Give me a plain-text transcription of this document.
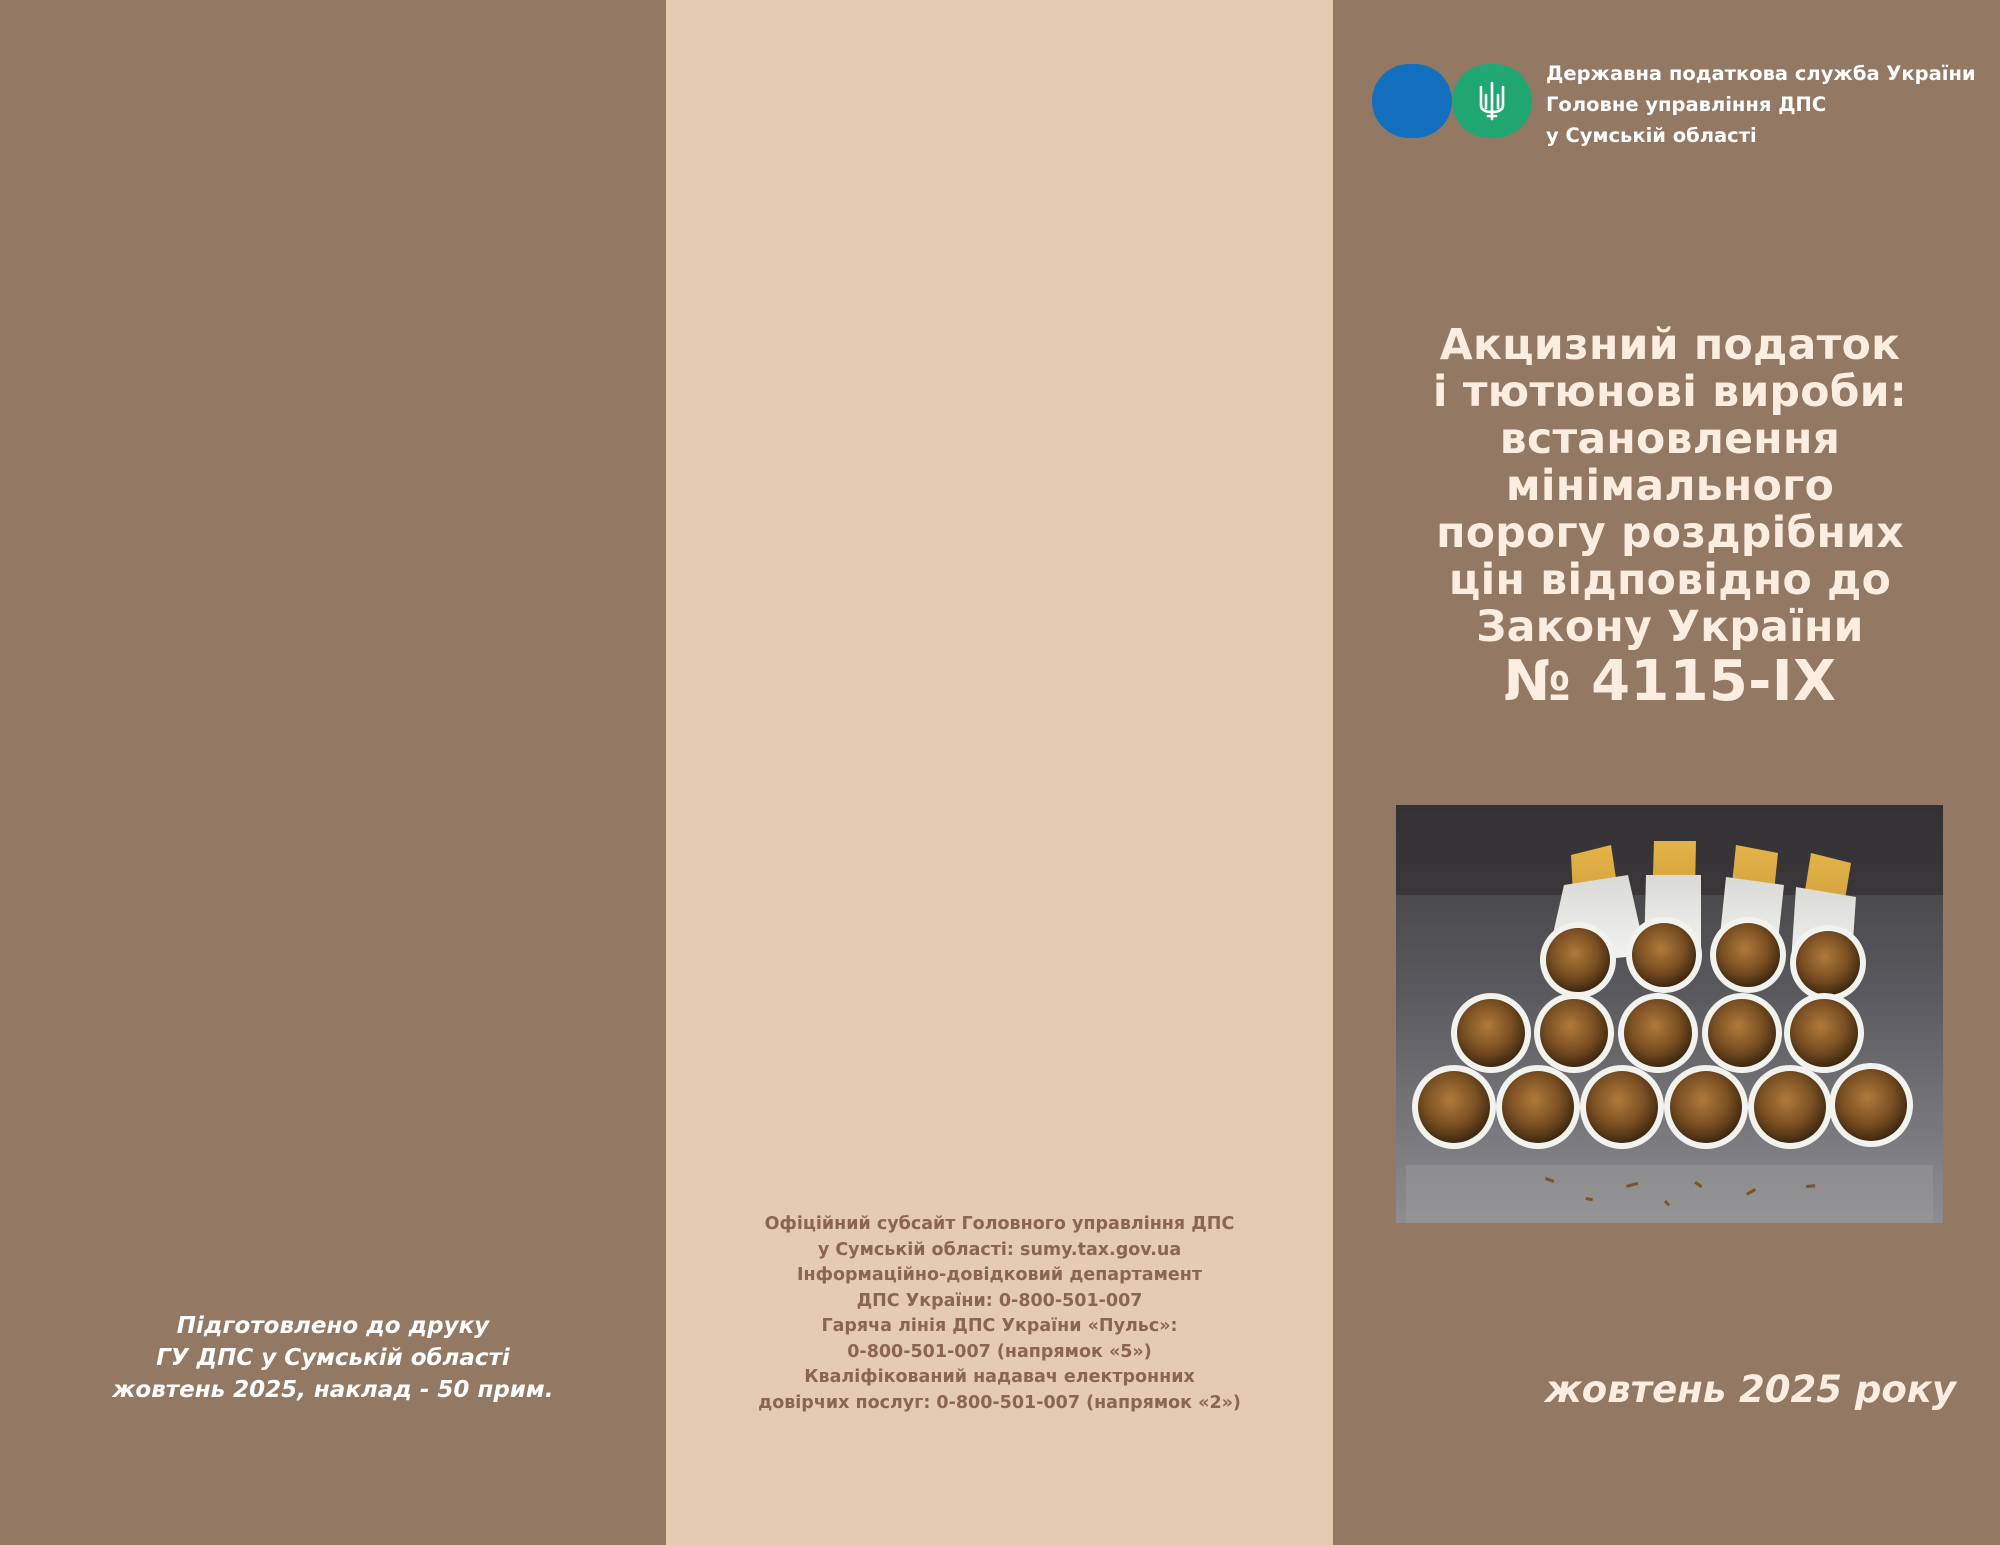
Підготовлено до друку
ГУ ДПС у Сумській області
жовтень 2025, наклад - 50 прим.
Офіційний субсайт Головного управління ДПС
у Сумській області: sumy.tax.gov.ua
Інформаційно-довідковий департамент
ДПС України: 0-800-501-007
Гаряча лінія ДПС України «Пульс»:
0-800-501-007 (напрямок «5»)
Кваліфікований надавач електронних
довірчих послуг: 0-800-501-007 (напрямок «2»)
Державна податкова служба України
Головне управління ДПС
у Сумській області
Акцизний податок
і тютюнові вироби:
встановлення
мінімального
порогу роздрібних
цін відповідно до
Закону України
№ 4115-IX
жовтень 2025 року
